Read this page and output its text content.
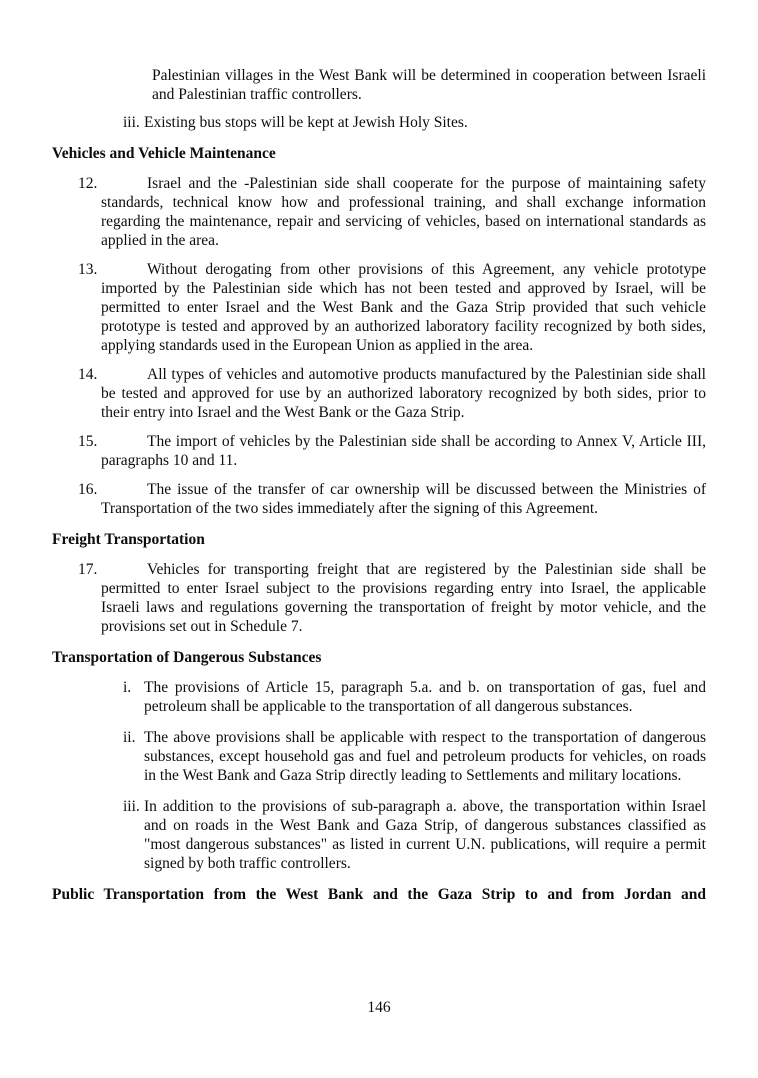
Palestinian villages in the West Bank will be determined in cooperation between Israeli and Palestinian traffic controllers.

iii. Existing bus stops will be kept at Jewish Holy Sites.
Vehicles and Vehicle Maintenance
12.	Israel and the -Palestinian side shall cooperate for the purpose of maintaining safety standards, technical know how and professional training, and shall exchange information regarding the maintenance, repair and servicing of vehicles, based on international standards as applied in the area.
13.	Without derogating from other provisions of this Agreement, any vehicle prototype imported by the Palestinian side which has not been tested and approved by Israel, will be permitted to enter Israel and the West Bank and the Gaza Strip provided that such vehicle prototype is tested and approved by an authorized laboratory facility recognized by both sides, applying standards used in the European Union as applied in the area.
14.	All types of vehicles and automotive products manufactured by the Palestinian side shall be tested and approved for use by an authorized laboratory recognized by both sides, prior to their entry into Israel and the West Bank or the Gaza Strip.
15.	The import of vehicles by the Palestinian side shall be according to Annex V, Article III, paragraphs 10 and 11.
16.	The issue of the transfer of car ownership will be discussed between the Ministries of Transportation of the two sides immediately after the signing of this Agreement.
Freight Transportation
17.	Vehicles for transporting freight that are registered by the Palestinian side shall be permitted to enter Israel subject to the provisions regarding entry into Israel, the applicable Israeli laws and regulations governing the transportation of freight by motor vehicle, and the provisions set out in Schedule 7.
Transportation of Dangerous Substances
i. The provisions of Article 15, paragraph 5.a. and b. on transportation of gas, fuel and petroleum shall be applicable to the transportation of all dangerous substances.
ii. The above provisions shall be applicable with respect to the transportation of dangerous substances, except household gas and fuel and petroleum products for vehicles, on roads in the West Bank and Gaza Strip directly leading to Settlements and military locations.
iii. In addition to the provisions of sub-paragraph a. above, the transportation within Israel and on roads in the West Bank and Gaza Strip, of dangerous substances classified as "most dangerous substances" as listed in current U.N. publications, will require a permit signed by both traffic controllers.
Public Transportation from the West Bank and the Gaza Strip to and from Jordan and
146
